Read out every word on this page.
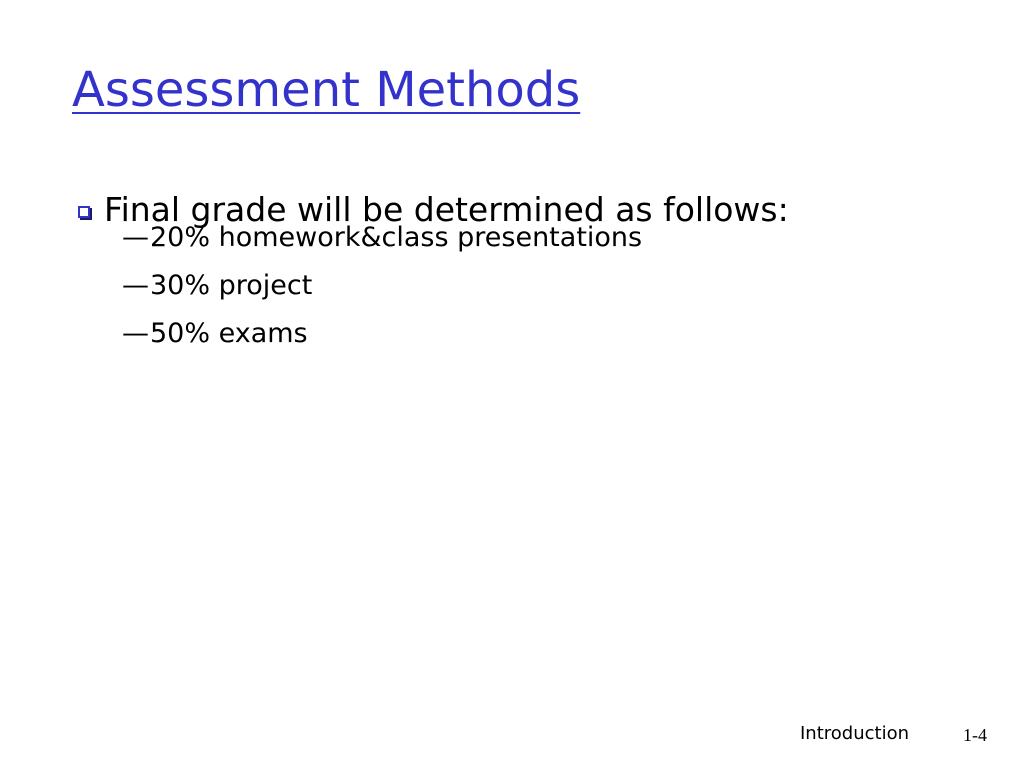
Assessment Methods
Final grade will be determined as follows:
— 20% homework&class presentations
— 30% project
— 50% exams
Introduction	1-4
